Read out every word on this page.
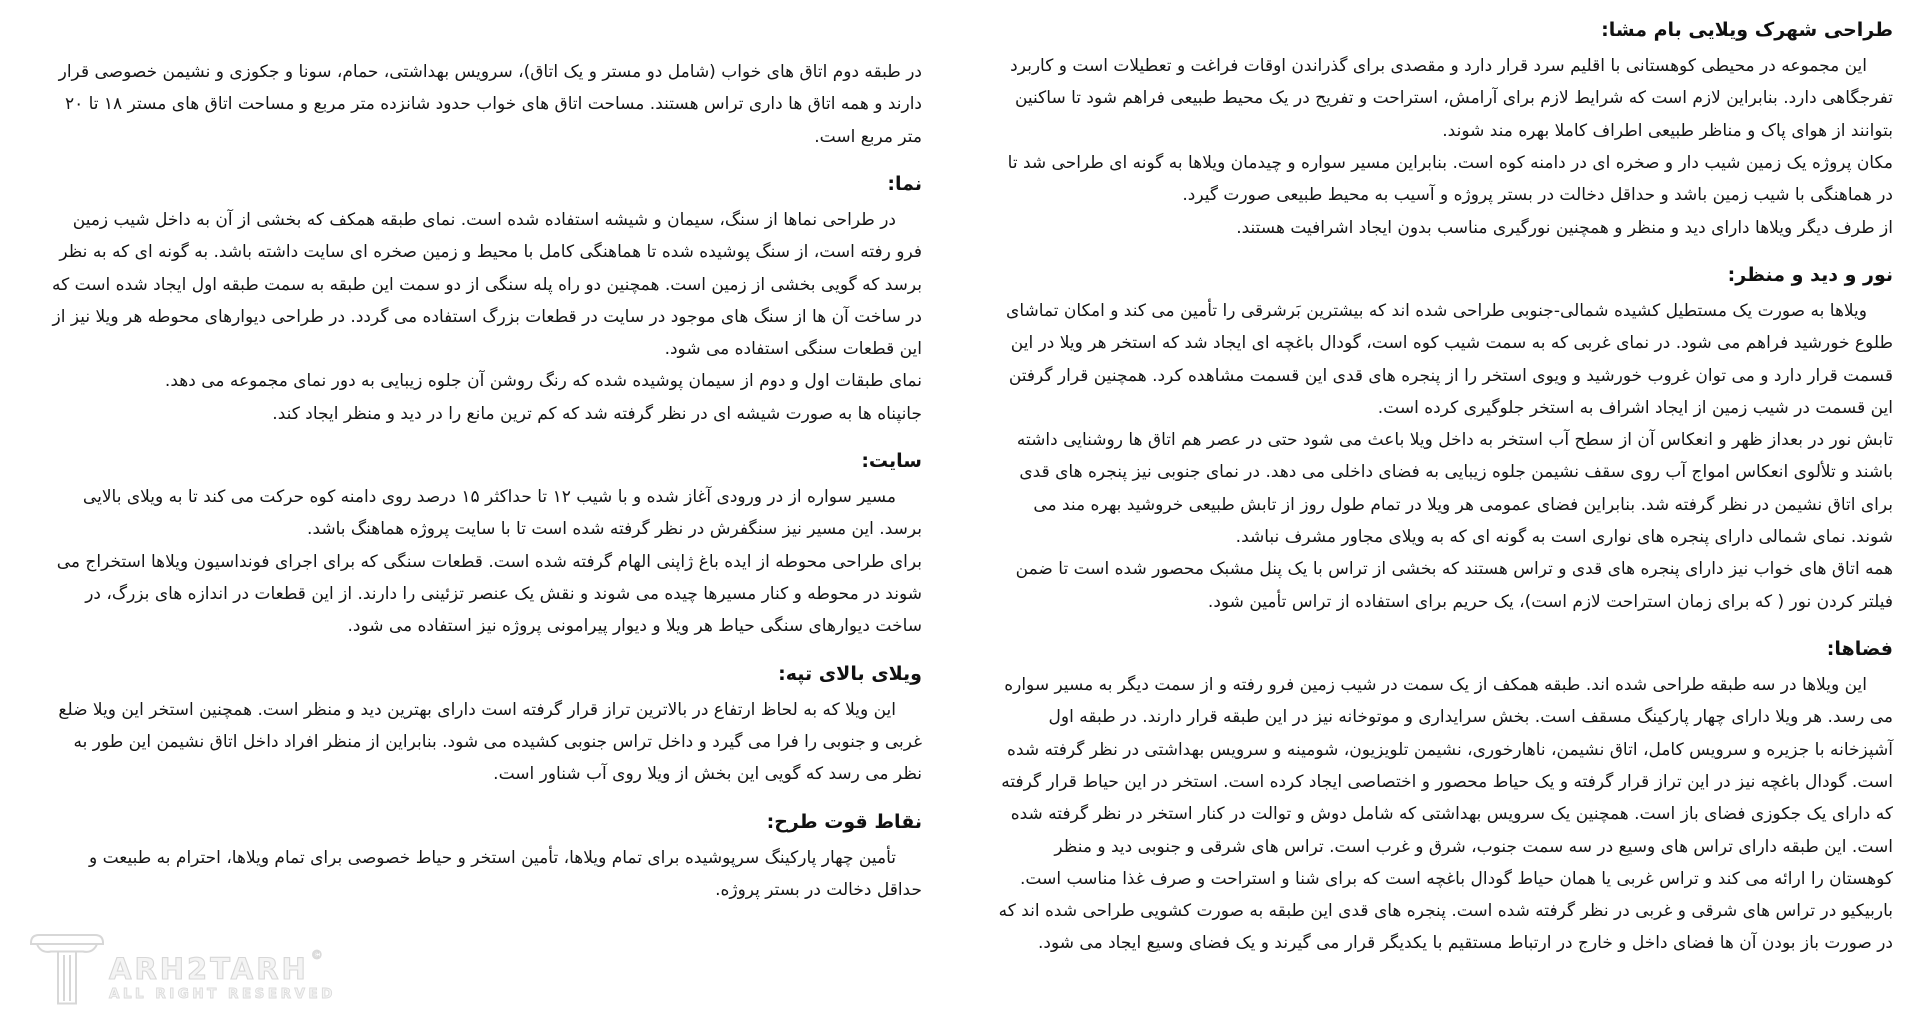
طراحی شهرک ویلایی بام مشا:

این مجموعه در محیطی کوهستانی با اقلیم سرد قرار دارد و مقصدی برای گذراندن اوقات فراغت و تعطیلات است و کاربرد تفرجگاهی دارد. بنابراین لازم است که شرایط لازم برای آرامش، استراحت و تفریح در یک محیط طبیعی فراهم شود تا ساکنین بتوانند از هوای پاک و مناظر طبیعی اطراف کاملا بهره مند شوند.

مکان پروژه یک زمین شیب دار و صخره ای در دامنه کوه است. بنابراین مسیر سواره و چیدمان ویلاها به گونه ای طراحی شد تا در هماهنگی با شیب زمین باشد و حداقل دخالت در بستر پروژه و آسیب به محیط طبیعی صورت گیرد.

از طرف دیگر ویلاها دارای دید و منظر و همچنین نورگیری مناسب بدون ایجاد اشرافیت هستند.

نور و دید و منظر:

ویلاها به صورت یک مستطیل کشیده شمالی-جنوبی طراحی شده اند که بیشترین بَرشرقی را تأمین می کند و امکان تماشای طلوع خورشید فراهم می شود. در نمای غربی که به سمت شیب کوه است، گودال باغچه ای ایجاد شد که استخر هر ویلا در این قسمت قرار دارد و می توان غروب خورشید و ویوی استخر را از پنجره های قدی این قسمت مشاهده کرد. همچنین قرار گرفتن این قسمت در شیب زمین از ایجاد اشراف به استخر جلوگیری کرده است.

تابش نور در بعداز ظهر و انعکاس آن از سطح آب استخر به داخل ویلا باعث می شود حتی در عصر هم اتاق ها روشنایی داشته باشند و تلألوی انعکاس امواج آب روی سقف نشیمن جلوه زیبایی به فضای داخلی می دهد. در نمای جنوبی نیز پنجره های قدی برای اتاق نشیمن در نظر گرفته شد. بنابراین فضای عمومی هر ویلا در تمام طول روز از تابش طبیعی خروشید بهره مند می شوند. نمای شمالی دارای پنجره های نواری است به گونه ای که به ویلای مجاور مشرف نباشد.

همه اتاق های خواب نیز دارای پنجره های قدی و تراس هستند که بخشی از تراس با یک پنل مشبک محصور شده است تا ضمن فیلتر کردن نور ( که برای زمان استراحت لازم است)، یک حریم برای استفاده از تراس تأمین شود.

فضاها:

این ویلاها در سه طبقه طراحی شده اند. طبقه همکف از یک سمت در شیب زمین فرو رفته و از سمت دیگر به مسیر سواره می رسد. هر ویلا دارای چهار پارکینگ مسقف است. بخش سرایداری و موتوخانه نیز در این طبقه قرار دارند. در طبقه اول آشپزخانه با جزیره و سرویس کامل، اتاق نشیمن، ناهارخوری، نشیمن تلویزیون، شومینه و سرویس بهداشتی در نظر گرفته شده است. گودال باغچه نیز در این تراز قرار گرفته و یک حیاط محصور و اختصاصی ایجاد کرده است. استخر در این حیاط قرار گرفته که دارای یک جکوزی فضای باز است. همچنین یک سرویس بهداشتی که شامل دوش و توالت در کنار استخر در نظر گرفته شده است. این طبقه دارای تراس های وسیع در سه سمت جنوب، شرق و غرب است. تراس های شرقی و جنوبی دید و منظر کوهستان را ارائه می کند و تراس غربی یا همان حیاط گودال باغچه است که برای شنا و استراحت و صرف غذا مناسب است. باربیکیو در تراس های شرقی و غربی در نظر گرفته شده است. پنجره های قدی این طبقه به صورت کشویی طراحی شده اند که در صورت باز بودن آن ها فضای داخل و خارج در ارتباط مستقیم با یکدیگر قرار می گیرند و یک فضای وسیع ایجاد می شود.

در طبقه دوم اتاق های خواب (شامل دو مستر و یک اتاق)، سرویس بهداشتی، حمام، سونا و جکوزی و نشیمن خصوصی قرار دارند و همه اتاق ها داری تراس هستند. مساحت اتاق های خواب حدود شانزده متر مربع و مساحت اتاق های مستر ۱۸ تا ۲۰ متر مربع است.

نما:

در طراحی نماها از سنگ، سیمان و شیشه استفاده شده است. نمای طبقه همکف که بخشی از آن به داخل شیب زمین فرو رفته است، از سنگ پوشیده شده تا هماهنگی کامل با محیط و زمین صخره ای سایت داشته باشد. به گونه ای که به نظر برسد که گویی بخشی از زمین است. همچنین دو راه پله سنگی از دو سمت این طبقه به سمت طبقه اول ایجاد شده است که در ساخت آن ها از سنگ های موجود در سایت در قطعات بزرگ استفاده می گردد. در طراحی دیوارهای محوطه هر ویلا نیز از این قطعات سنگی استفاده می شود.

نمای طبقات اول و دوم از سیمان پوشیده شده که رنگ روشن آن جلوه زیبایی به دور نمای مجموعه می دهد.

جانپناه ها به صورت شیشه ای در نظر گرفته شد که کم ترین مانع را در دید و منظر ایجاد کند.

سایت:

مسیر سواره از در ورودی آغاز شده و با شیب ۱۲ تا حداکثر ۱۵ درصد روی دامنه کوه حرکت می کند تا به ویلای بالایی برسد. این مسیر نیز سنگفرش در نظر گرفته شده است تا با سایت پروژه هماهنگ باشد.

برای طراحی محوطه از ایده باغ ژاپنی الهام گرفته شده است. قطعات سنگی که برای اجرای فونداسیون ویلاها استخراج می شوند در محوطه و کنار مسیرها چیده می شوند و نقش یک عنصر تزئینی را دارند. از این قطعات در اندازه های بزرگ، در ساخت دیوارهای سنگی حیاط هر ویلا و دیوار پیرامونی پروژه نیز استفاده می شود.

ویلای بالای تپه:

این ویلا که به لحاظ ارتفاع در بالاترین تراز قرار گرفته است دارای بهترین دید و منظر است. همچنین استخر این ویلا ضلع غربی و جنوبی را فرا می گیرد و داخل تراس جنوبی کشیده می شود. بنابراین از منظر افراد داخل اتاق نشیمن این طور به نظر می رسد که گویی این بخش از ویلا روی آب شناور است.

نقاط قوت طرح:

تأمین چهار پارکینگ سرپوشیده برای تمام ویلاها، تأمین استخر و حیاط خصوصی برای تمام ویلاها، احترام به طبیعت و حداقل دخالت در بستر پروژه.

ARH2TARH ©
ALL RIGHT RESERVED
